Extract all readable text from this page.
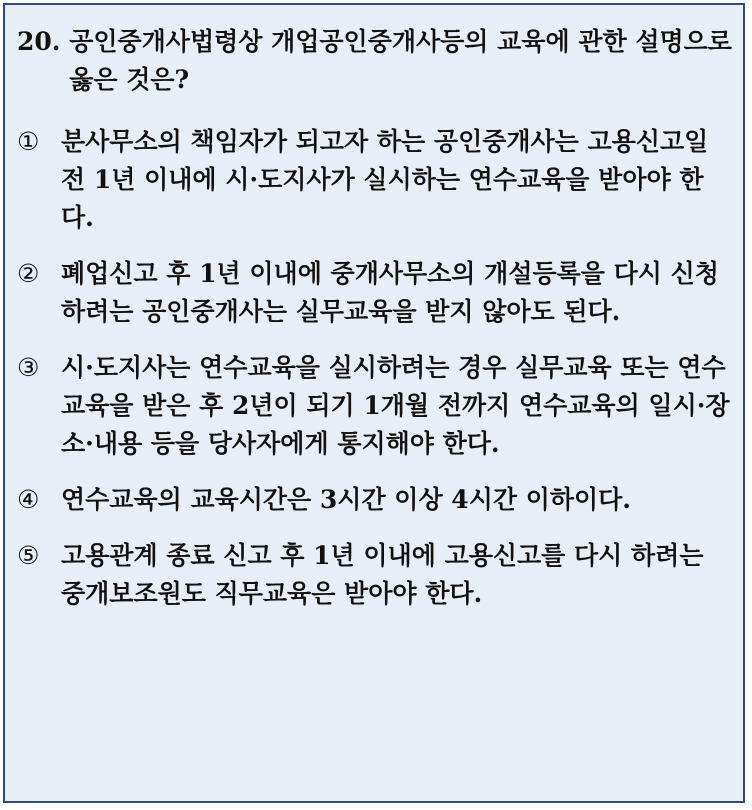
20. 공인중개사법령상 개업공인중개사등의 교육에 관한 설명으로 옳은 것은?
① 분사무소의 책임자가 되고자 하는 공인중개사는 고용신고일 전 1년 이내에 시·도지사가 실시하는 연수교육을 받아야 한다.
② 폐업신고 후 1년 이내에 중개사무소의 개설등록을 다시 신청하려는 공인중개사는 실무교육을 받지 않아도 된다.
③ 시·도지사는 연수교육을 실시하려는 경우 실무교육 또는 연수교육을 받은 후 2년이 되기 1개월 전까지 연수교육의 일시·장소·내용 등을 당사자에게 통지해야 한다.
④ 연수교육의 교육시간은 3시간 이상 4시간 이하이다.
⑤ 고용관계 종료 신고 후 1년 이내에 고용신고를 다시 하려는 중개보조원도 직무교육은 받아야 한다.
